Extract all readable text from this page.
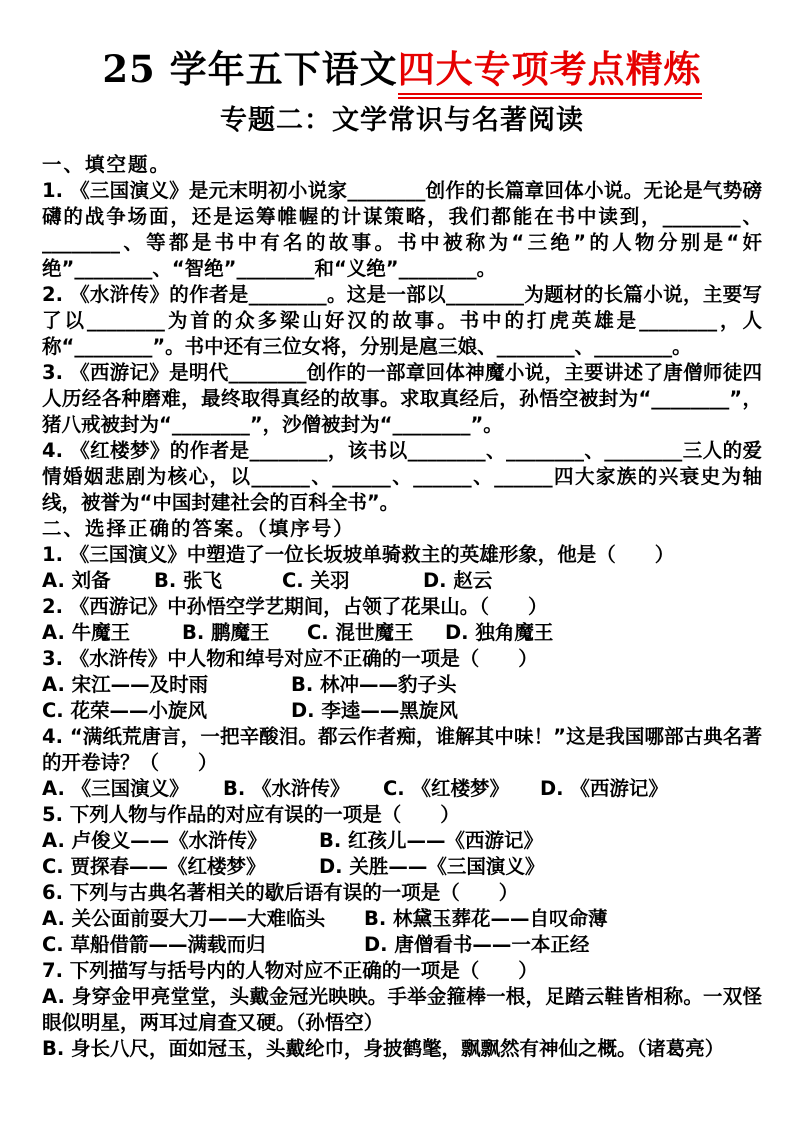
25 学年五下语文四大专项考点精炼
专题二：文学常识与名著阅读

一、填空题。

1. 《三国演义》是元末明初小说家________创作的长篇章回体小说。无论是气势磅礴的战争场面，还是运筹帷幄的计谋策略，我们都能在书中读到，________、________、等都是书中有名的故事。书中被称为“三绝”的人物分别是“奸绝”________、“智绝”________和“义绝”________。

2. 《水浒传》的作者是________。这是一部以________为题材的长篇小说，主要写了以________为首的众多梁山好汉的故事。书中的打虎英雄是________，人称“________”。书中还有三位女将，分别是扈三娘、________、________。

3. 《西游记》是明代________创作的一部章回体神魔小说，主要讲述了唐僧师徒四人历经各种磨难，最终取得真经的故事。求取真经后，孙悟空被封为“________”，猪八戒被封为“________”，沙僧被封为“________”。

4. 《红楼梦》的作者是________，该书以________、________、________三人的爱情婚姻悲剧为核心，以______、______、______、______四大家族的兴衰史为轴线，被誉为“中国封建社会的百科全书”。

二、选择正确的答案。（填序号）

1. 《三国演义》中塑造了一位长坂坡单骑救主的英雄形象，他是（　　）

A. 刘备	B. 张飞	C. 关羽	D. 赵云

2. 《西游记》中孙悟空学艺期间，占领了花果山。（　　）

A. 牛魔王	B. 鹏魔王	C. 混世魔王	D. 独角魔王

3. 《水浒传》中人物和绰号对应不正确的一项是（　　）

A. 宋江——及时雨	B. 林冲——豹子头
C. 花荣——小旋风	D. 李逵——黑旋风

4. “满纸荒唐言，一把辛酸泪。都云作者痴，谁解其中味！”这是我国哪部古典名著的开卷诗？（　　）

A. 《三国演义》	B. 《水浒传》	C. 《红楼梦》	D. 《西游记》

5. 下列人物与作品的对应有误的一项是（　　）

A. 卢俊义——《水浒传》	B. 红孩儿——《西游记》
C. 贾探春——《红楼梦》	D. 关胜——《三国演义》

6. 下列与古典名著相关的歇后语有误的一项是（　　）

A. 关公面前耍大刀——大难临头	B. 林黛玉葬花——自叹命薄
C. 草船借箭——满载而归	D. 唐僧看书——一本正经

7. 下列描写与括号内的人物对应不正确的一项是（　　）

A. 身穿金甲亮堂堂，头戴金冠光映映。手举金箍棒一根，足踏云鞋皆相称。一双怪眼似明星，两耳过肩查又硬。（孙悟空）

B. 身长八尺，面如冠玉，头戴纶巾，身披鹤氅，飘飘然有神仙之概。（诸葛亮）
